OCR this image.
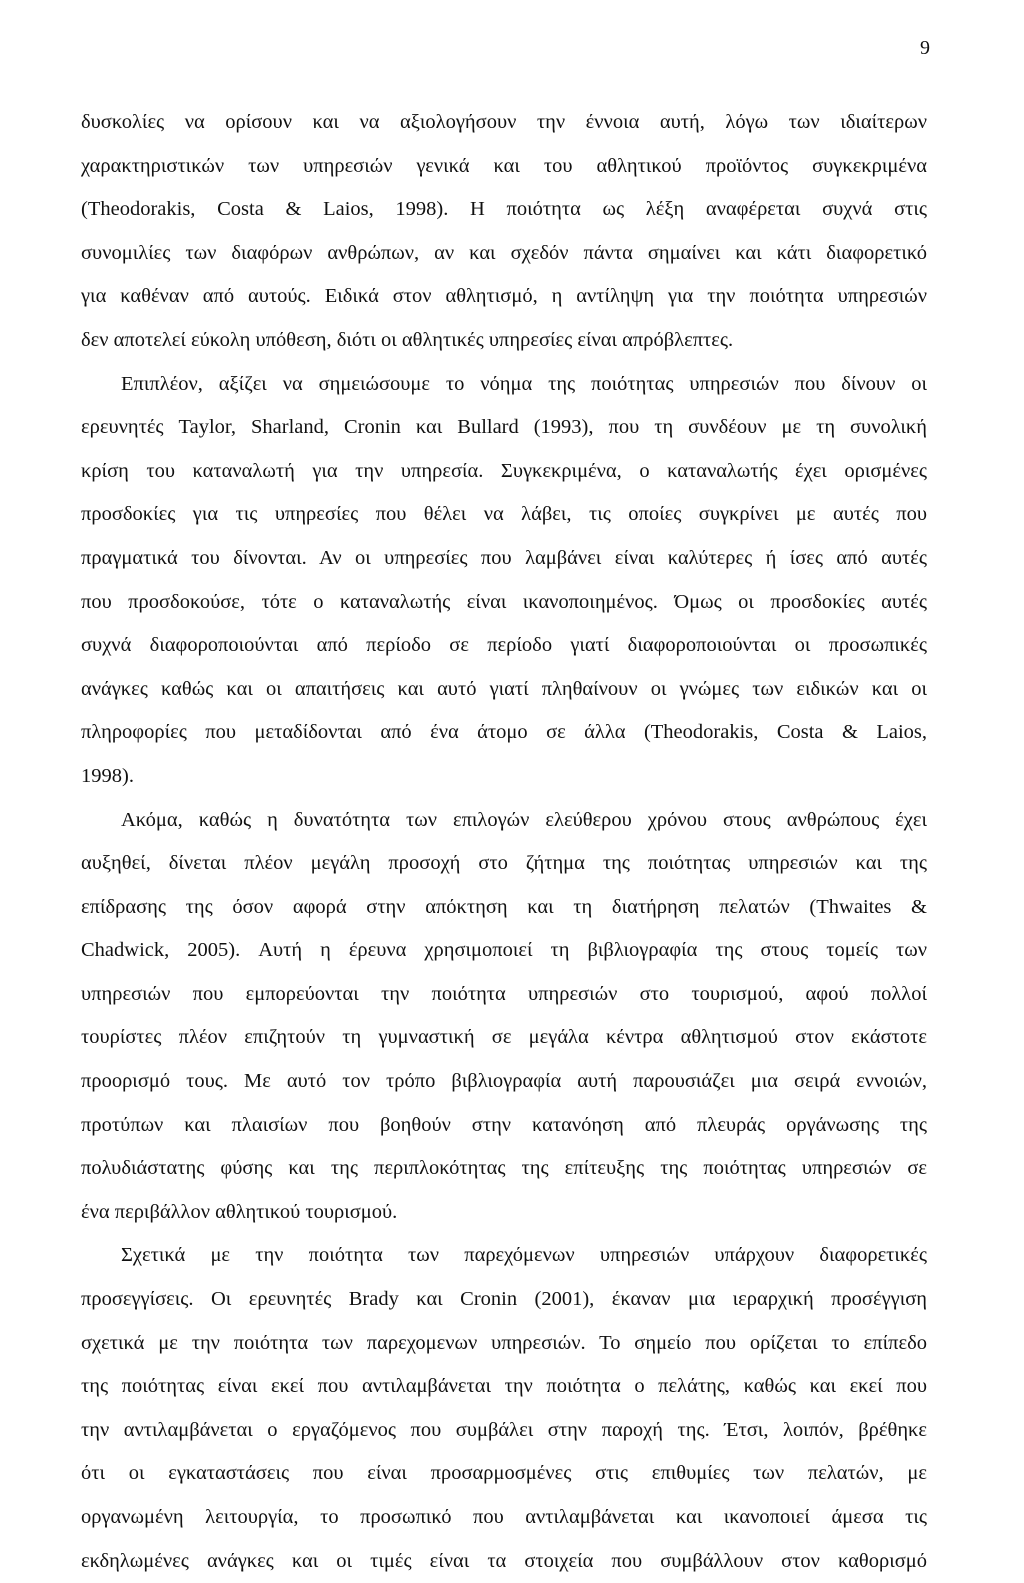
9
δυσκολίες να ορίσουν και να αξιολογήσουν την έννοια αυτή, λόγω των ιδιαίτερων
χαρακτηριστικών των υπηρεσιών γενικά και του αθλητικού προϊόντος συγκεκριμένα
(Theodorakis, Costa & Laios, 1998). Η ποιότητα ως λέξη αναφέρεται συχνά στις
συνομιλίες των διαφόρων ανθρώπων, αν και σχεδόν πάντα σημαίνει και κάτι διαφορετικό
για καθέναν από αυτούς. Ειδικά στον αθλητισμό, η αντίληψη για την ποιότητα υπηρεσιών
δεν αποτελεί εύκολη υπόθεση, διότι οι αθλητικές υπηρεσίες είναι απρόβλεπτες.
Επιπλέον, αξίζει να σημειώσουμε το νόημα της ποιότητας υπηρεσιών που δίνουν οι
ερευνητές Taylor, Sharland, Cronin και Bullard (1993), που τη συνδέουν με τη συνολική
κρίση του καταναλωτή για την υπηρεσία. Συγκεκριμένα, ο καταναλωτής έχει ορισμένες
προσδοκίες για τις υπηρεσίες που θέλει να λάβει, τις οποίες συγκρίνει με αυτές που
πραγματικά του δίνονται. Αν οι υπηρεσίες που λαμβάνει είναι καλύτερες ή ίσες από αυτές
που προσδοκούσε, τότε ο καταναλωτής είναι ικανοποιημένος. Όμως οι προσδοκίες αυτές
συχνά διαφοροποιούνται από περίοδο σε περίοδο γιατί διαφοροποιούνται οι προσωπικές
ανάγκες καθώς και οι απαιτήσεις και αυτό γιατί πληθαίνουν οι γνώμες των ειδικών και οι
πληροφορίες που μεταδίδονται από ένα άτομο σε άλλα (Theodorakis, Costa & Laios,
1998).
Ακόμα, καθώς η δυνατότητα των επιλογών ελεύθερου χρόνου στους ανθρώπους έχει
αυξηθεί, δίνεται πλέον μεγάλη προσοχή στο ζήτημα της ποιότητας υπηρεσιών και της
επίδρασης της όσον αφορά στην απόκτηση και τη διατήρηση πελατών (Thwaites &
Chadwick, 2005). Αυτή η έρευνα χρησιμοποιεί τη βιβλιογραφία της στους τομείς των
υπηρεσιών που εμπορεύονται την ποιότητα υπηρεσιών στο τουρισμού, αφού πολλοί
τουρίστες πλέον επιζητούν τη γυμναστική σε μεγάλα κέντρα αθλητισμού στον εκάστοτε
προορισμό τους. Με αυτό τον τρόπο βιβλιογραφία αυτή παρουσιάζει μια σειρά εννοιών,
προτύπων και πλαισίων που βοηθούν στην κατανόηση από πλευράς οργάνωσης της
πολυδιάστατης φύσης και της περιπλοκότητας της επίτευξης της ποιότητας υπηρεσιών σε
ένα περιβάλλον αθλητικού τουρισμού.
Σχετικά με την ποιότητα των παρεχόμενων υπηρεσιών υπάρχουν διαφορετικές
προσεγγίσεις. Οι ερευνητές Brady και Cronin (2001), έκαναν μια ιεραρχική προσέγγιση
σχετικά με την ποιότητα των παρεχομενων υπηρεσιών. Το σημείο που ορίζεται το επίπεδο
της ποιότητας είναι εκεί που αντιλαμβάνεται την ποιότητα ο πελάτης, καθώς και εκεί που
την αντιλαμβάνεται ο εργαζόμενος που συμβάλει στην παροχή της. Έτσι, λοιπόν, βρέθηκε
ότι οι εγκαταστάσεις που είναι προσαρμοσμένες στις επιθυμίες των πελατών, με
οργανωμένη λειτουργία, το προσωπικό που αντιλαμβάνεται και ικανοποιεί άμεσα τις
εκδηλωμένες ανάγκες και οι τιμές είναι τα στοιχεία που συμβάλλουν στον καθορισμό
